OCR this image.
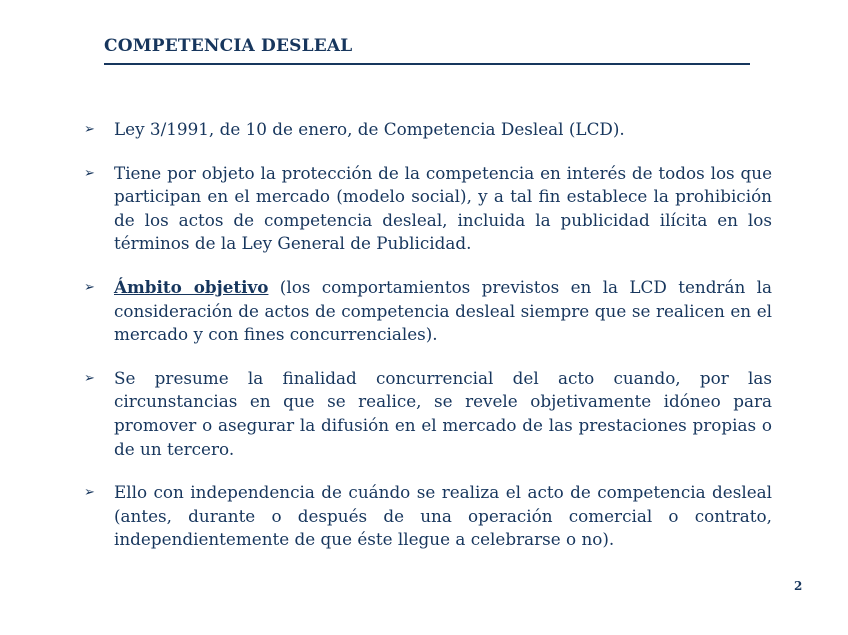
COMPETENCIA DESLEAL
➢ Ley 3/1991, de 10 de enero, de Competencia Desleal (LCD).
➢ Tiene por objeto la protección de la competencia en interés de todos los que participan en el mercado (modelo social), y a tal fin establece la prohibición de los actos de competencia desleal, incluida la publicidad ilícita en los términos de la Ley General de Publicidad.
➢ Ámbito objetivo (los comportamientos previstos en la LCD tendrán la consideración de actos de competencia desleal siempre que se realicen en el mercado y con fines concurrenciales).
➢ Se presume la finalidad concurrencial del acto cuando, por las circunstancias en que se realice, se revele objetivamente idóneo para promover o asegurar la difusión en el mercado de las prestaciones propias o de un tercero.
➢ Ello con independencia de cuándo se realiza el acto de competencia desleal (antes, durante o después de una operación comercial o contrato, independientemente de que éste llegue a celebrarse o no).
2
